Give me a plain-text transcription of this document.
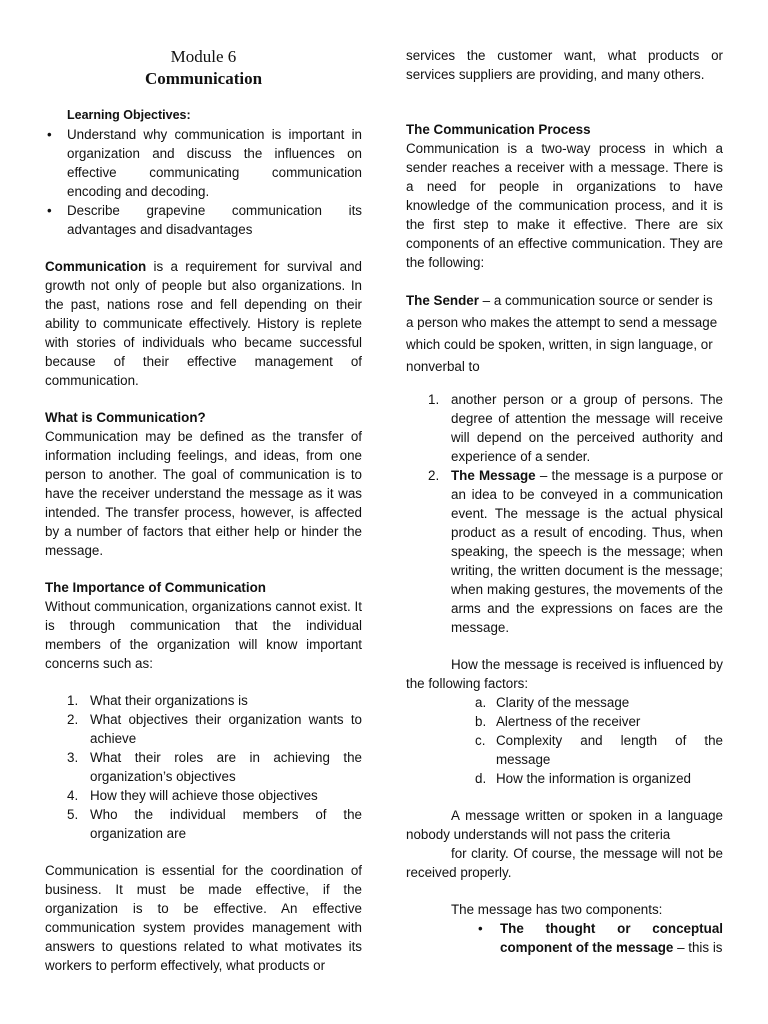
Module 6
Communication
Learning Objectives:
• Understand why communication is important in organization and discuss the influences on effective communicating communication encoding and decoding.
• Describe grapevine communication its advantages and disadvantages

Communication is a requirement for survival and growth not only of people but also organizations. In the past, nations rose and fell depending on their ability to communicate effectively. History is replete with stories of individuals who became successful because of their effective management of communication.

What is Communication?

Communication may be defined as the transfer of information including feelings, and ideas, from one person to another. The goal of communication is to have the receiver understand the message as it was intended. The transfer process, however, is affected by a number of factors that either help or hinder the message.

The Importance of Communication

Without communication, organizations cannot exist. It is through communication that the individual members of the organization will know important concerns such as:

1. What their organizations is
2. What objectives their organization wants to achieve
3. What their roles are in achieving the organization’s objectives
4. How they will achieve those objectives
5. Who the individual members of the organization are

Communication is essential for the coordination of business. It must be made effective, if the organization is to be effective. An effective communication system provides management with answers to questions related to what motivates its workers to perform effectively, what products or

services the customer want, what products or services suppliers are providing, and many others.

The Communication Process

Communication is a two-way process in which a sender reaches a receiver with a message. There is a need for people in organizations to have knowledge of the communication process, and it is the first step to make it effective. There are six components of an effective communication. They are the following:

The Sender – a communication source or sender is a person who makes the attempt to send a message which could be spoken, written, in sign language, or nonverbal to

1. another person or a group of persons. The degree of attention the message will receive will depend on the perceived authority and experience of a sender.
2. The Message – the message is a purpose or an idea to be conveyed in a communication event. The message is the actual physical product as a result of encoding. Thus, when speaking, the speech is the message; when writing, the written document is the message; when making gestures, the movements of the arms and the expressions on faces are the message.

How the message is received is influenced by the following factors:

a. Clarity of the message
b. Alertness of the receiver
c. Complexity and length of the message
d. How the information is organized

A message written or spoken in a language nobody understands will not pass the criteria

for clarity. Of course, the message will not be received properly.

The message has two components:

• The thought or conceptual component of the message – this is
